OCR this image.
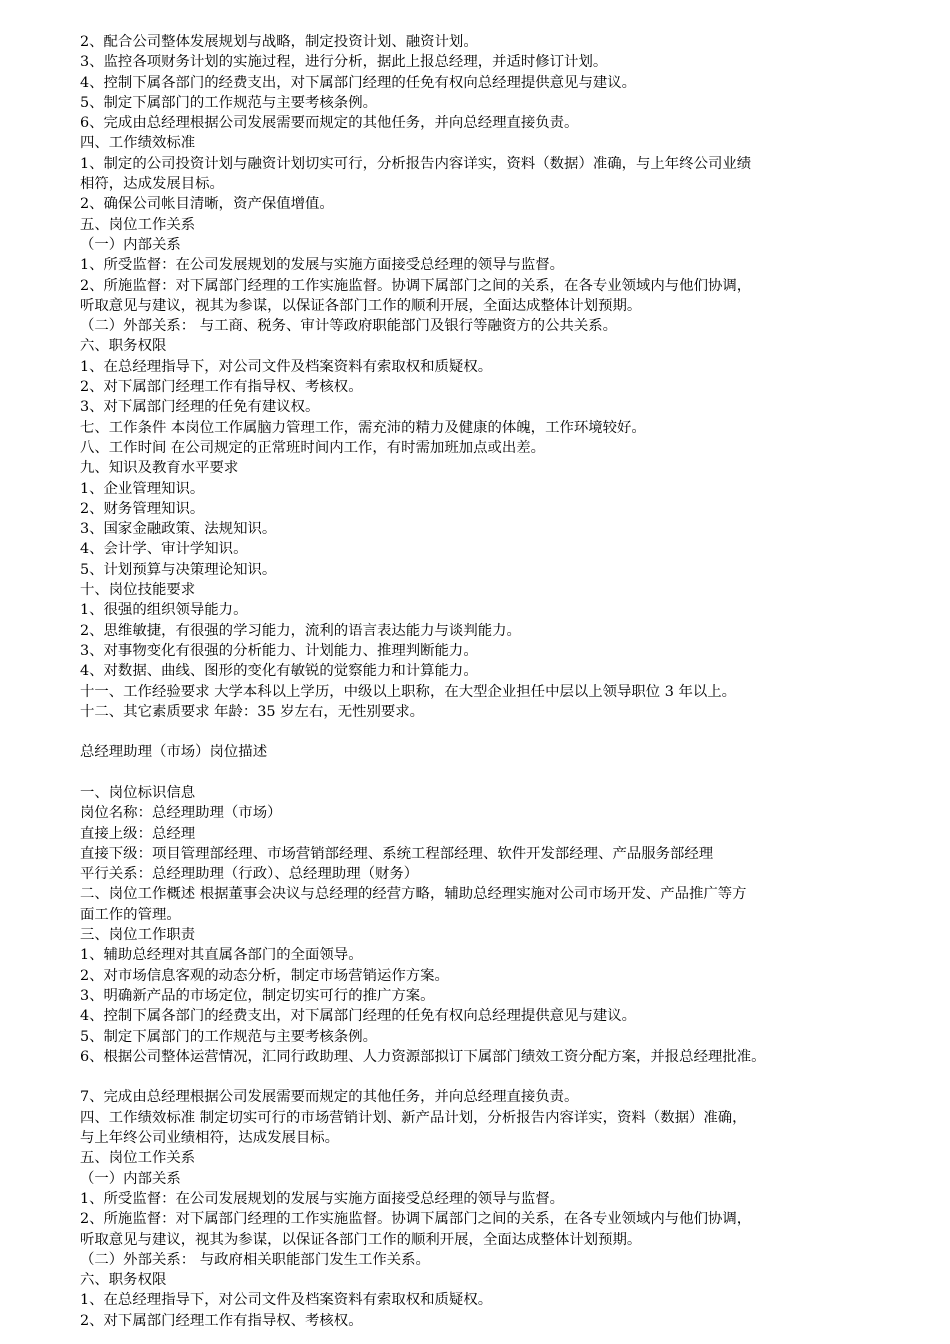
2、配合公司整体发展规划与战略，制定投资计划、融资计划。
3、监控各项财务计划的实施过程，进行分析，据此上报总经理，并适时修订计划。
4、控制下属各部门的经费支出，对下属部门经理的任免有权向总经理提供意见与建议。
5、制定下属部门的工作规范与主要考核条例。
6、完成由总经理根据公司发展需要而规定的其他任务，并向总经理直接负责。
四、工作绩效标准
1、制定的公司投资计划与融资计划切实可行，分析报告内容详实，资料（数据）准确，与上年终公司业绩
相符，达成发展目标。
2、确保公司帐目清晰，资产保值增值。
五、岗位工作关系
（一）内部关系
1、所受监督：在公司发展规划的发展与实施方面接受总经理的领导与监督。
2、所施监督：对下属部门经理的工作实施监督。协调下属部门之间的关系，在各专业领域内与他们协调，
听取意见与建议，视其为参谋，以保证各部门工作的顺利开展，全面达成整体计划预期。
（二）外部关系： 与工商、税务、审计等政府职能部门及银行等融资方的公共关系。
六、职务权限
1、在总经理指导下，对公司文件及档案资料有索取权和质疑权。
2、对下属部门经理工作有指导权、考核权。
3、对下属部门经理的任免有建议权。
七、工作条件 本岗位工作属脑力管理工作，需充沛的精力及健康的体魄，工作环境较好。
八、工作时间 在公司规定的正常班时间内工作，有时需加班加点或出差。
九、知识及教育水平要求
1、企业管理知识。
2、财务管理知识。
3、国家金融政策、法规知识。
4、会计学、审计学知识。
5、计划预算与决策理论知识。
十、岗位技能要求
1、很强的组织领导能力。
2、思维敏捷，有很强的学习能力，流利的语言表达能力与谈判能力。
3、对事物变化有很强的分析能力、计划能力、推理判断能力。
4、对数据、曲线、图形的变化有敏锐的觉察能力和计算能力。
十一、工作经验要求 大学本科以上学历，中级以上职称，在大型企业担任中层以上领导职位 3 年以上。
十二、其它素质要求 年龄：35 岁左右，无性别要求。
总经理助理（市场）岗位描述
一、岗位标识信息
岗位名称：总经理助理（市场）
直接上级：总经理
直接下级：项目管理部经理、市场营销部经理、系统工程部经理、软件开发部经理、产品服务部经理
平行关系：总经理助理（行政）、总经理助理（财务）
二、岗位工作概述 根据董事会决议与总经理的经营方略，辅助总经理实施对公司市场开发、产品推广等方
面工作的管理。
三、岗位工作职责
1、辅助总经理对其直属各部门的全面领导。
2、对市场信息客观的动态分析，制定市场营销运作方案。
3、明确新产品的市场定位，制定切实可行的推广方案。
4、控制下属各部门的经费支出，对下属部门经理的任免有权向总经理提供意见与建议。
5、制定下属部门的工作规范与主要考核条例。
6、根据公司整体运营情况，汇同行政助理、人力资源部拟订下属部门绩效工资分配方案，并报总经理批准。
7、完成由总经理根据公司发展需要而规定的其他任务，并向总经理直接负责。
四、工作绩效标准 制定切实可行的市场营销计划、新产品计划，分析报告内容详实，资料（数据）准确，
与上年终公司业绩相符，达成发展目标。
五、岗位工作关系
（一）内部关系
1、所受监督：在公司发展规划的发展与实施方面接受总经理的领导与监督。
2、所施监督：对下属部门经理的工作实施监督。协调下属部门之间的关系，在各专业领域内与他们协调，
听取意见与建议，视其为参谋，以保证各部门工作的顺利开展，全面达成整体计划预期。
（二）外部关系： 与政府相关职能部门发生工作关系。
六、职务权限
1、在总经理指导下，对公司文件及档案资料有索取权和质疑权。
2、对下属部门经理工作有指导权、考核权。
